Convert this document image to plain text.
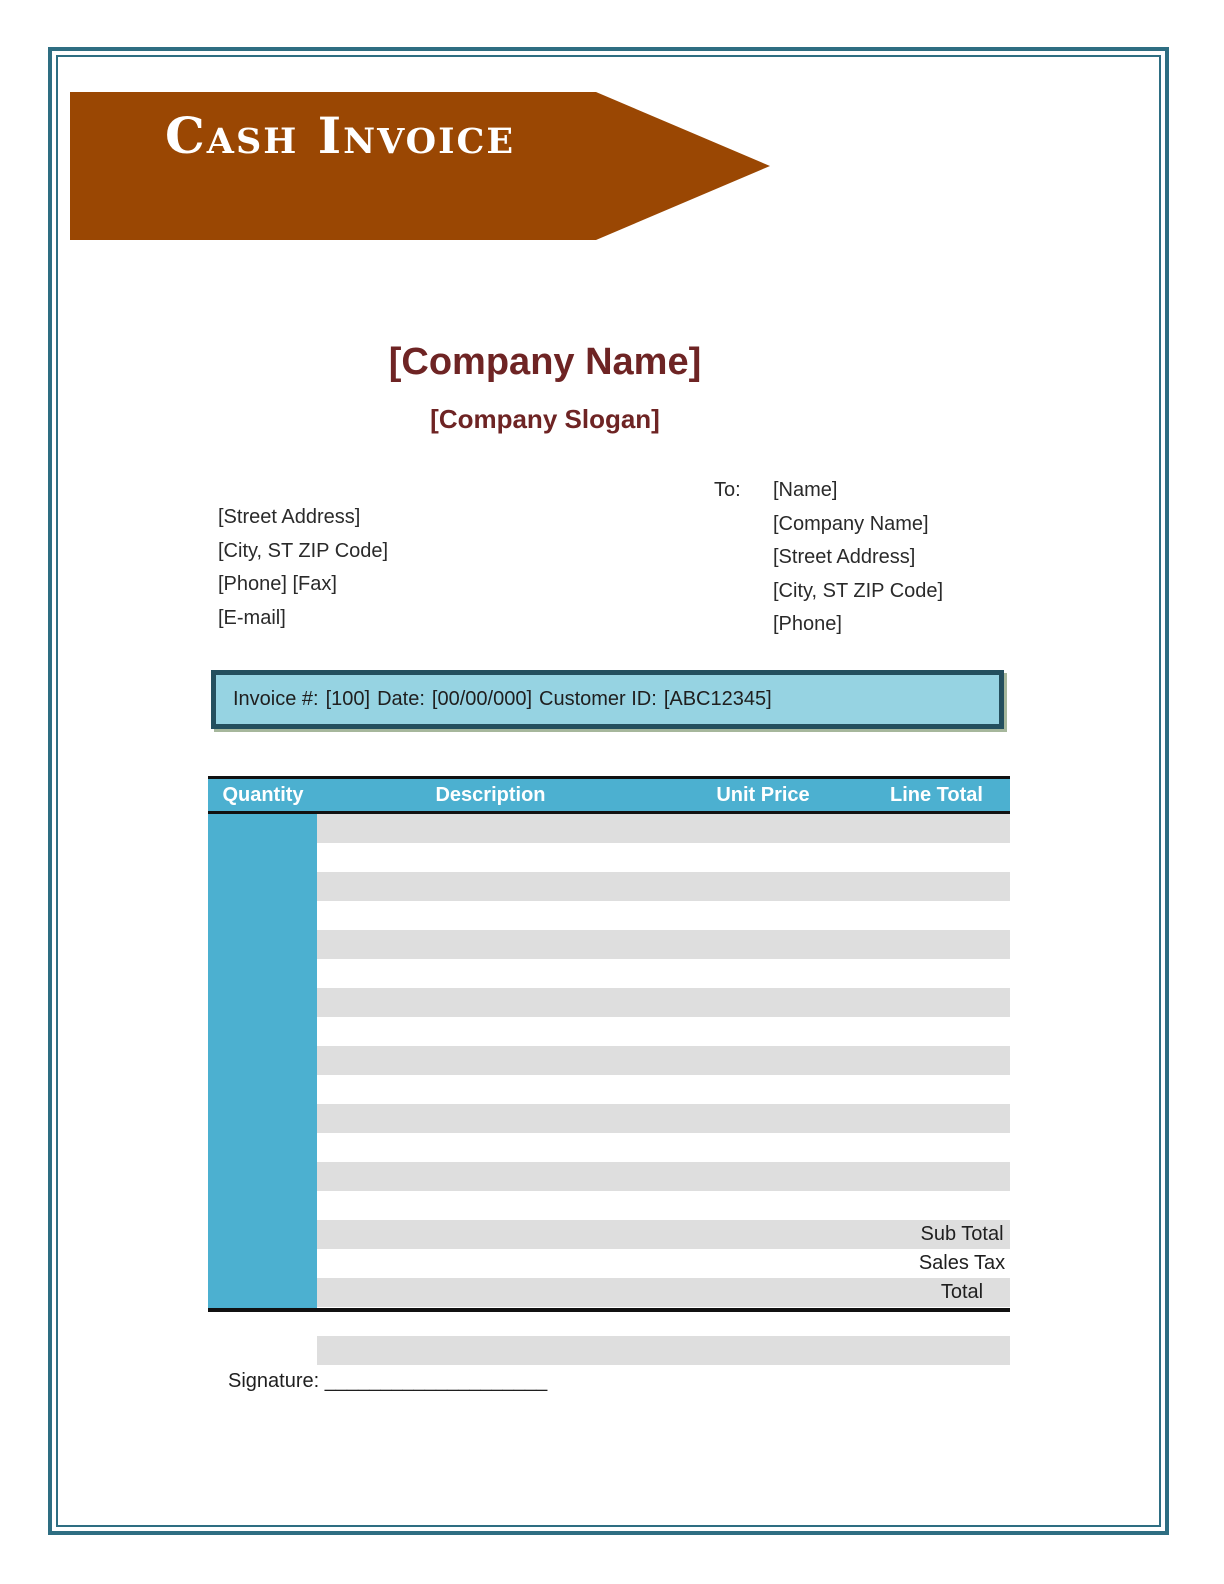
Cash Invoice
[Company Name]
[Company Slogan]
[Street Address]
[City, ST ZIP Code]
[Phone] [Fax]
[E-mail]
To: [Name]
[Company Name]
[Street Address]
[City, ST ZIP Code]
[Phone]
Invoice #: [100] Date: [00/00/000] Customer ID: [ABC12345]
Quantity	Description	Unit Price	Line Total
Sub Total
Sales Tax
Total
Signature: ____________________
